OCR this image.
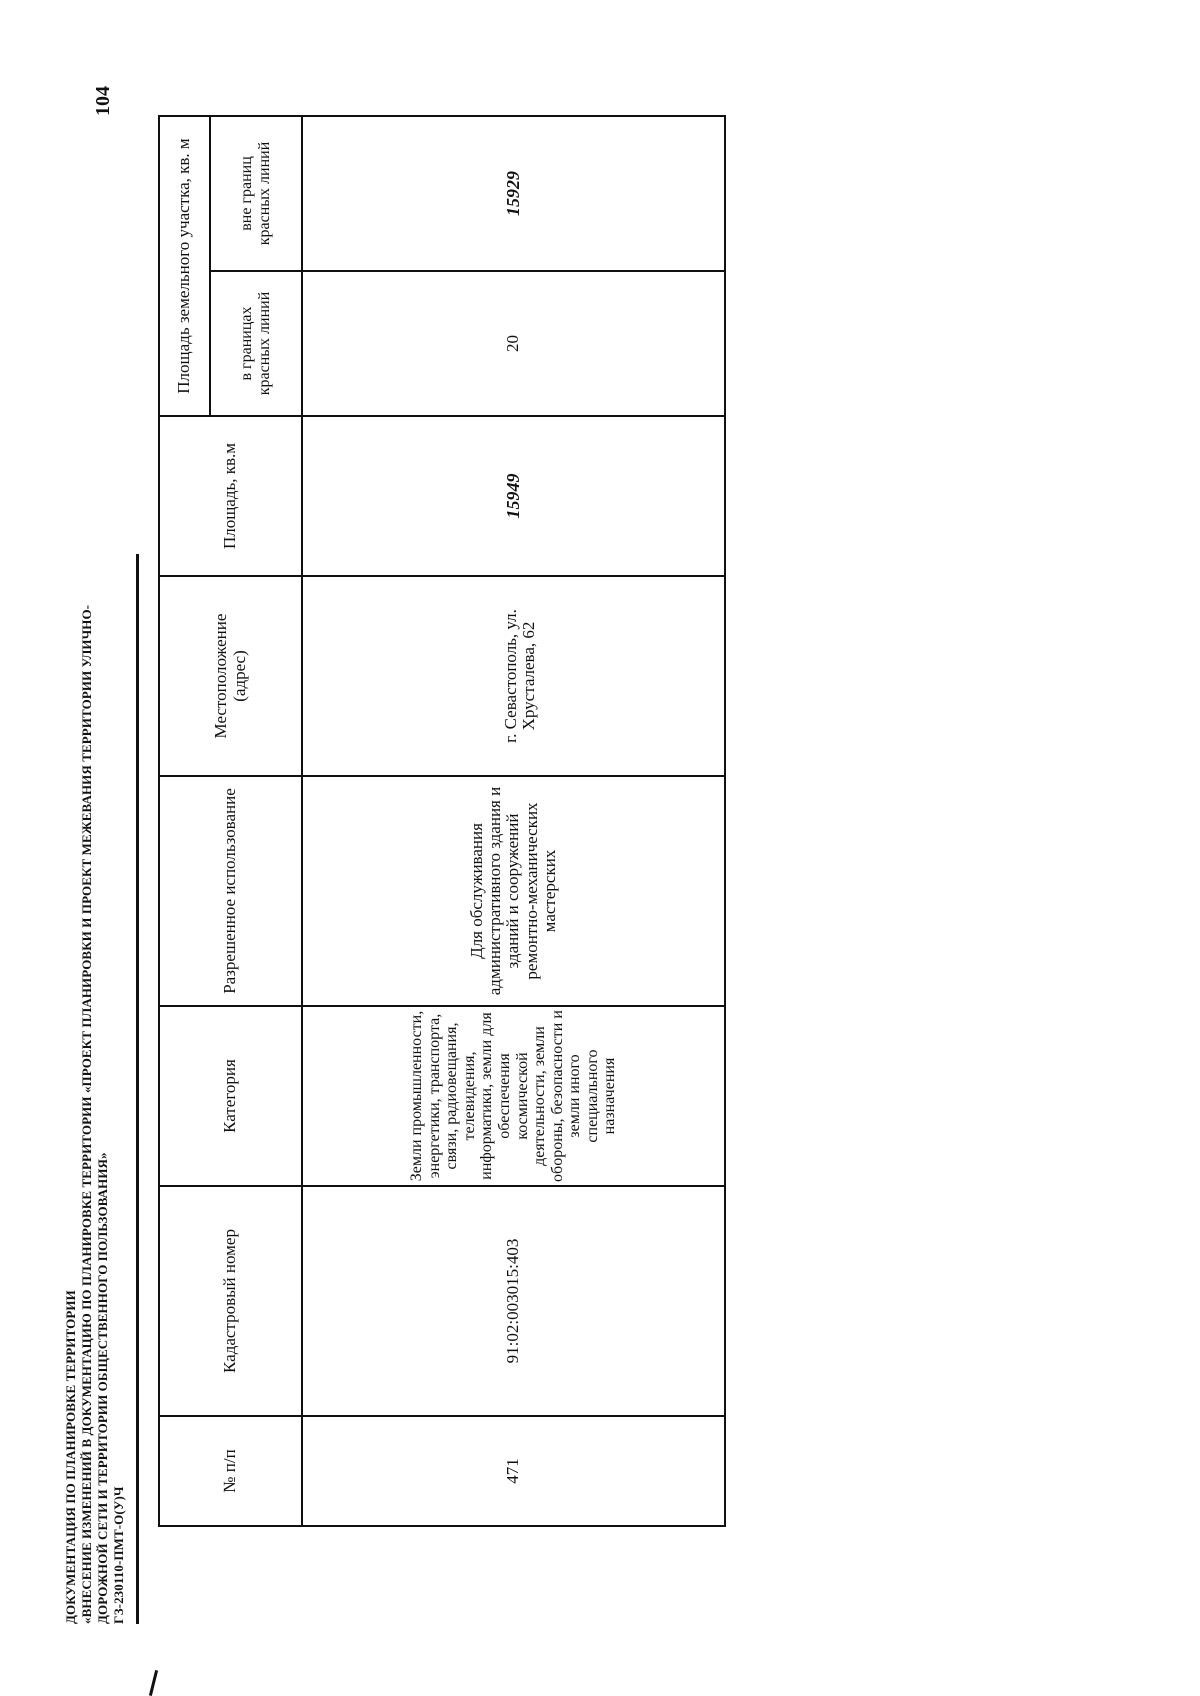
ДОКУМЕНТАЦИЯ ПО ПЛАНИРОВКЕ ТЕРРИТОРИИ «ВНЕСЕНИЕ ИЗМЕНЕНИЙ В ДОКУМЕНТАЦИЮ ПО ПЛАНИРОВКЕ ТЕРРИТОРИИ «ПРОЕКТ ПЛАНИРОВКИ И ПРОЕКТ МЕЖЕВАНИЯ ТЕРРИТОРИИ УЛИЧНО- ДОРОЖНОЙ СЕТИ И ТЕРРИТОРИИ ОБЩЕСТВЕННОГО ПОЛЬЗОВАНИЯ» ГЗ-230110-ПМТ-О(У)Ч
104
№ п/п
Кадастровый номер
Категория
Разрешенное использование
Местоположение (адрес)
Площадь, кв.м
Площадь земельного участка, кв. м	в границах красных линий
вне границ красных линий
471
91:02:003015:403
Земли промышленности, энергетики, транспорта, связи, радиовещания, телевидения, информатики, земли для обеспечения космической деятельности, земли обороны, безопасности и земли иного специального назначения
Для обслуживания административного здания и зданий и сооружений ремонтно-механических мастерских
г. Севастополь, ул. Хрусталева, 62
15949
20
15929
